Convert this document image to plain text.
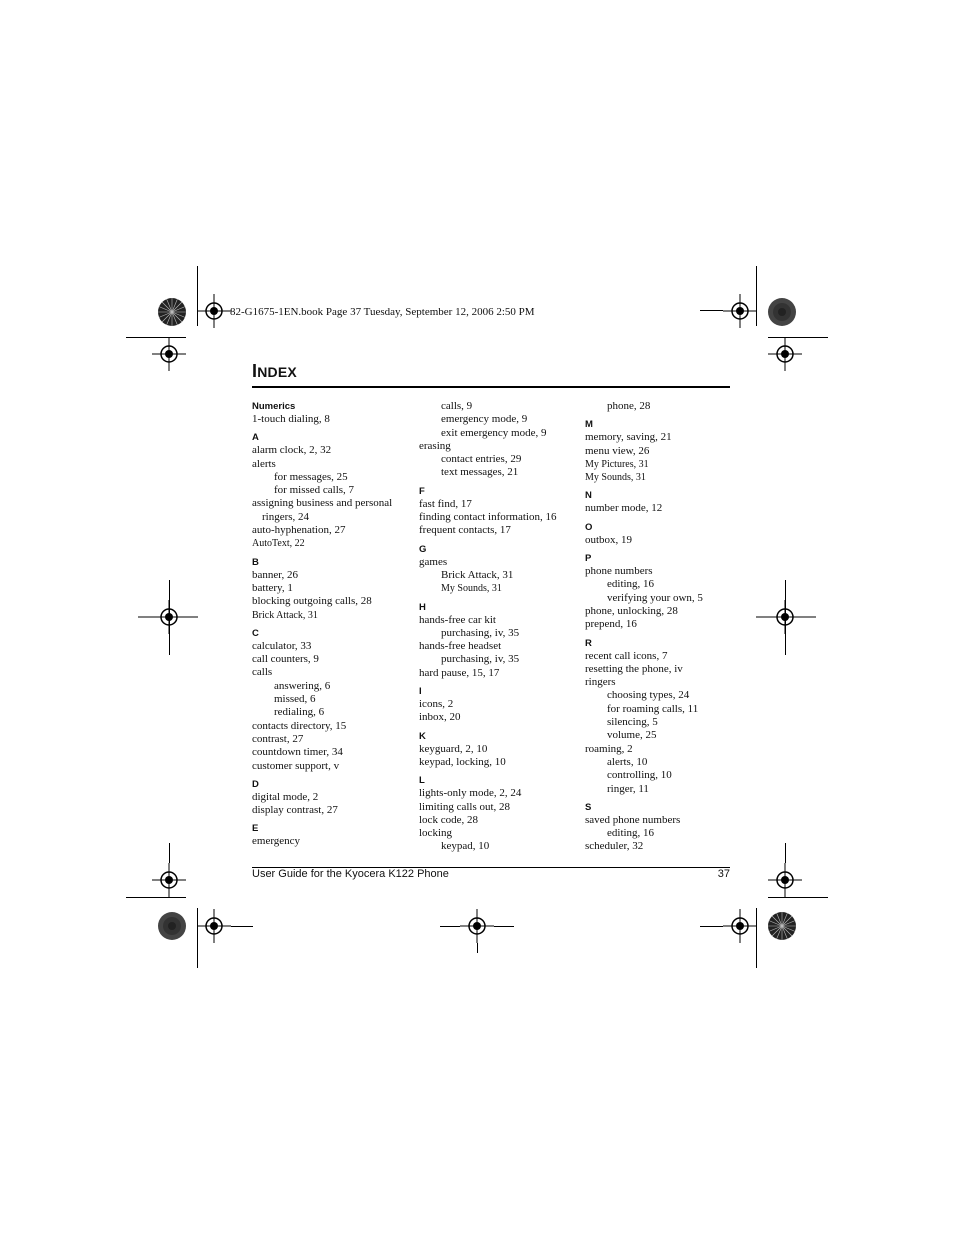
82-G1675-1EN.book Page 37 Tuesday, September 12, 2006 2:50 PM
INDEX
Numerics
1-touch dialing, 8
A
alarm clock, 2, 32
alerts
for messages, 25
for missed calls, 7
assigning business and personal
ringers, 24
auto-hyphenation, 27
AutoText, 22
B
banner, 26
battery, 1
blocking outgoing calls, 28
Brick Attack, 31
C
calculator, 33
call counters, 9
calls
answering, 6
missed, 6
redialing, 6
contacts directory, 15
contrast, 27
countdown timer, 34
customer support, v
D
digital mode, 2
display contrast, 27
E
emergency
calls, 9
emergency mode, 9
exit emergency mode, 9
erasing
contact entries, 29
text messages, 21
F
fast find, 17
finding contact information, 16
frequent contacts, 17
G
games
Brick Attack, 31
My Sounds, 31
H
hands-free car kit
purchasing, iv, 35
hands-free headset
purchasing, iv, 35
hard pause, 15, 17
I
icons, 2
inbox, 20
K
keyguard, 2, 10
keypad, locking, 10
L
lights-only mode, 2, 24
limiting calls out, 28
lock code, 28
locking
keypad, 10
phone, 28
M
memory, saving, 21
menu view, 26
My Pictures, 31
My Sounds, 31
N
number mode, 12
O
outbox, 19
P
phone numbers
editing, 16
verifying your own, 5
phone, unlocking, 28
prepend, 16
R
recent call icons, 7
resetting the phone, iv
ringers
choosing types, 24
for roaming calls, 11
silencing, 5
volume, 25
roaming, 2
alerts, 10
controlling, 10
ringer, 11
S
saved phone numbers
editing, 16
scheduler, 32
User Guide for the Kyocera K122 Phone	37
